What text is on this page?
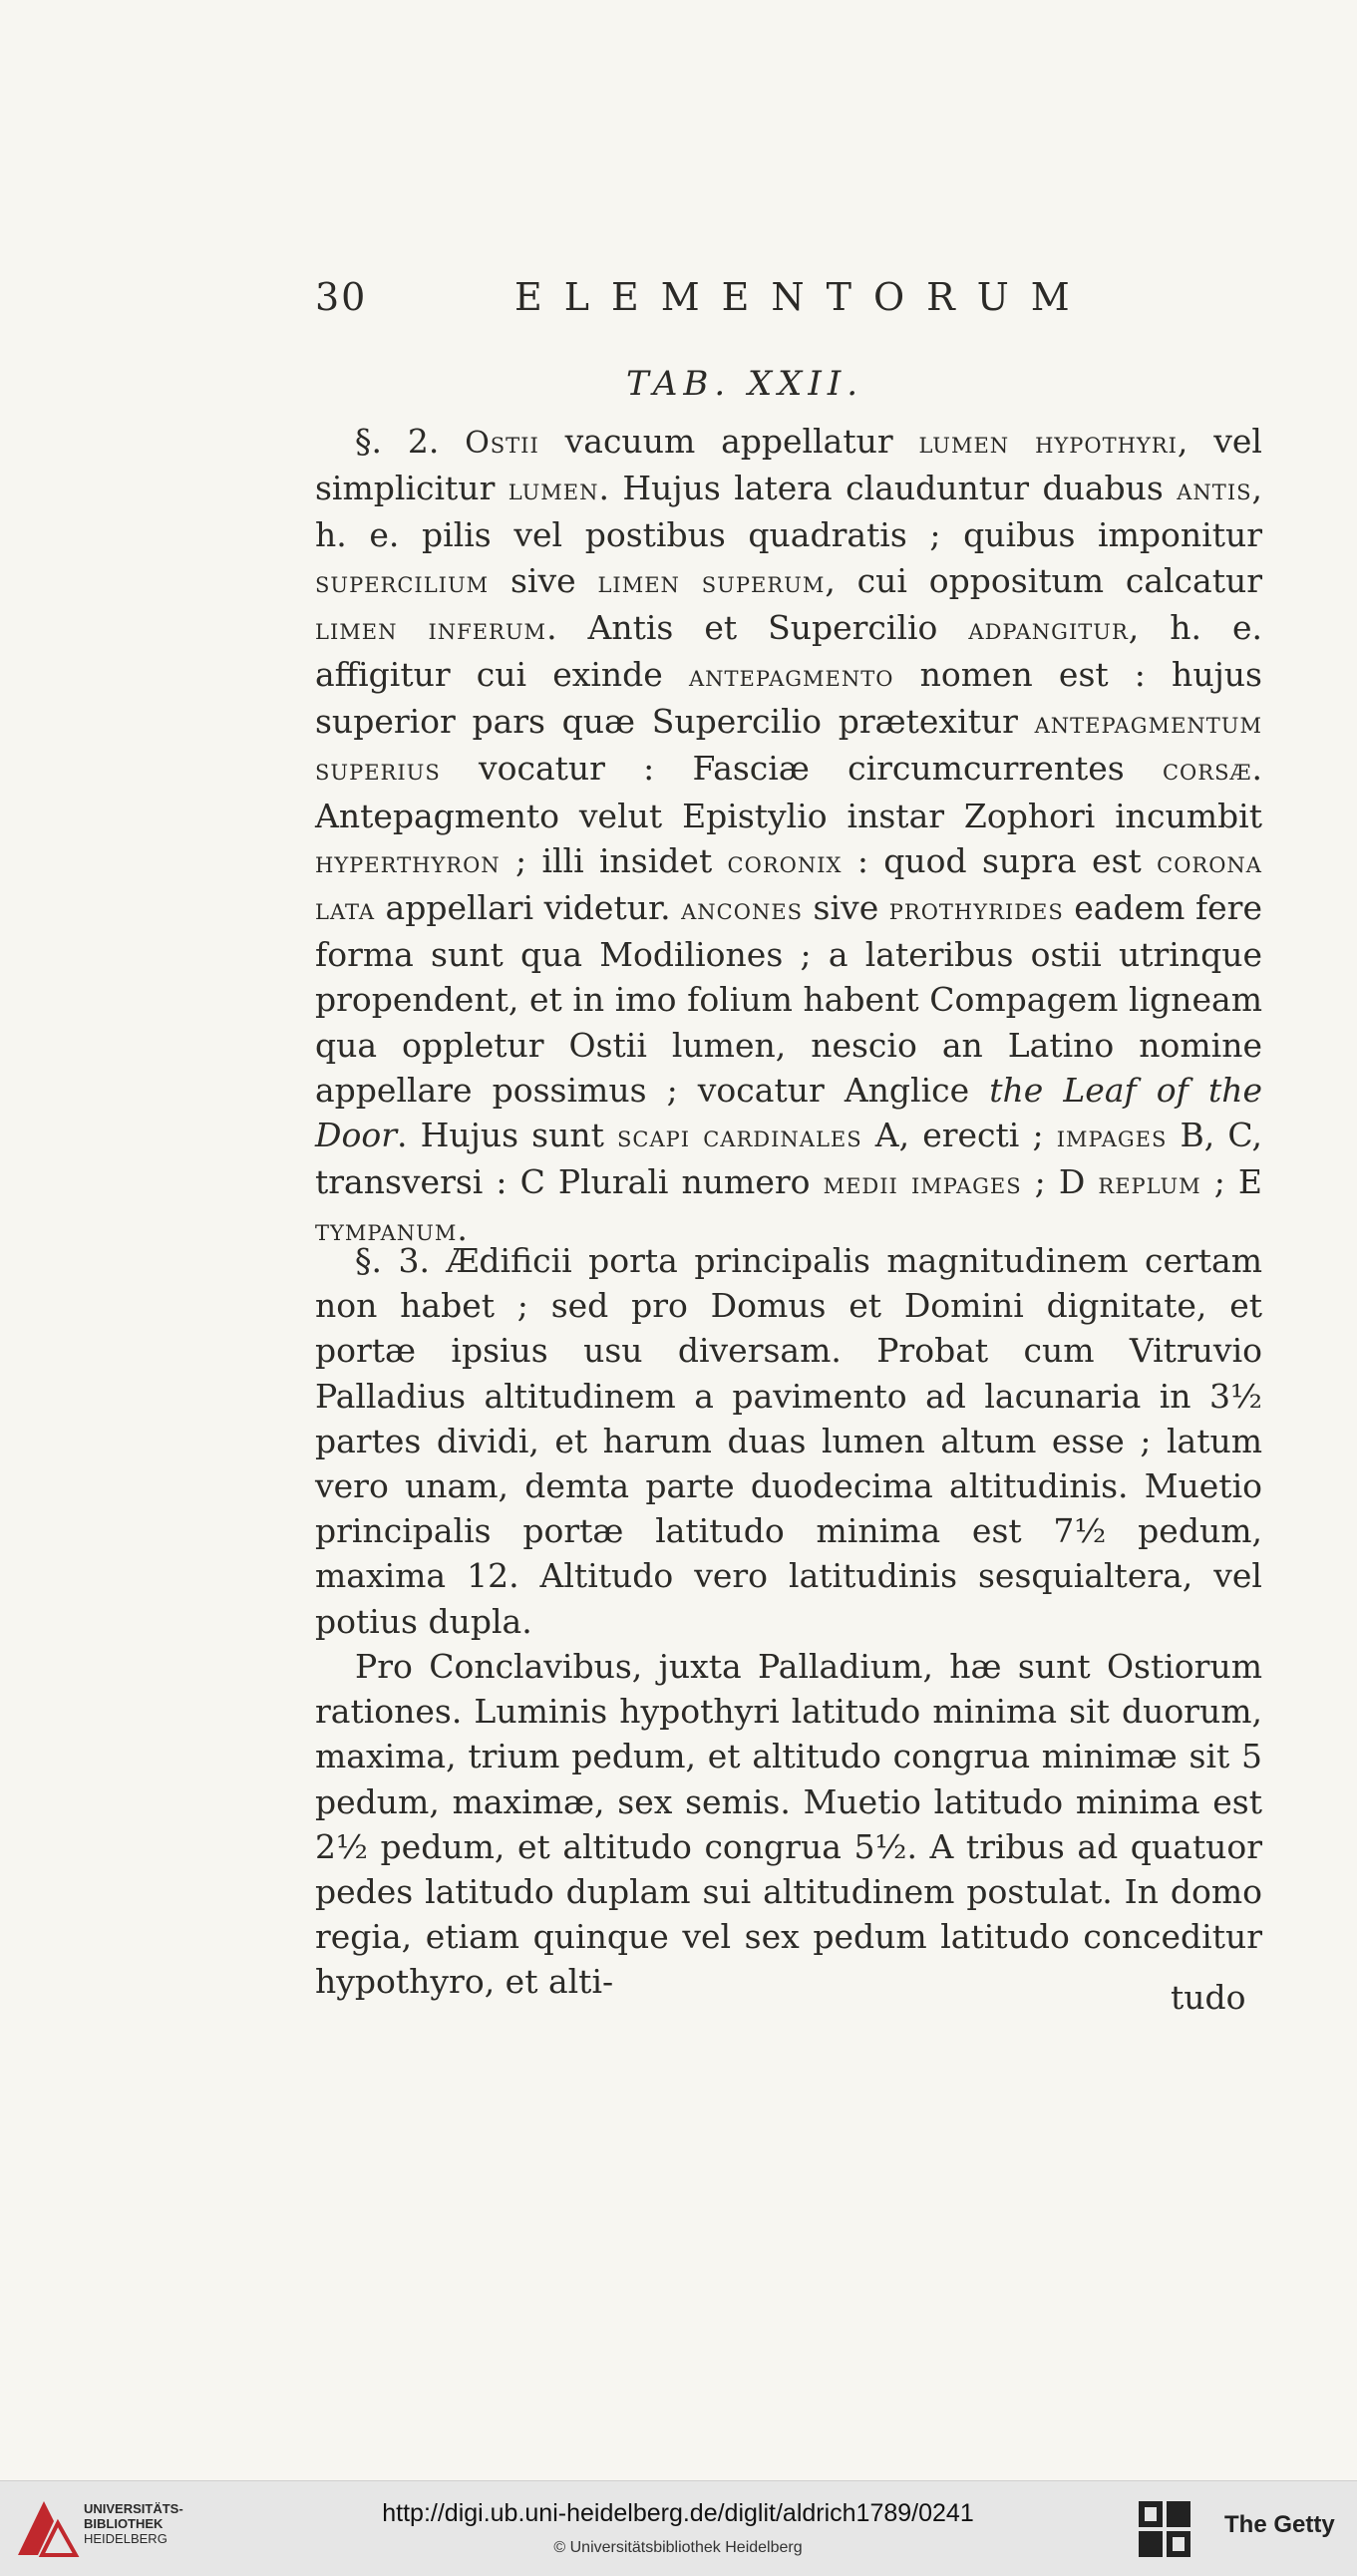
30	ELEMENTORUM
TAB. XXII.

§. 2. Ostii vacuum appellatur lumen hypothyri, vel simplicitur lumen. Hujus latera clauduntur duabus antis, h. e. pilis vel postibus quadratis ; quibus imponitur supercilium sive limen superum, cui oppositum calcatur limen inferum. Antis et Supercilio adpangitur, h. e. affigitur cui exinde antepagmento nomen est : hujus superior pars quæ Supercilio prætexitur antepagmentum superius vocatur : Fasciæ circumcurrentes corsæ. Antepagmento velut Epistylio instar Zophori incumbit hyperthyron ; illi insidet coronix : quod supra est corona lata appellari videtur. ancones sive prothyrides eadem fere forma sunt qua Modiliones ; a lateribus ostii utrinque propendent, et in imo folium habent Compagem ligneam qua oppletur Ostii lumen, nescio an Latino nomine appellare possimus ; vocatur Anglice the Leaf of the Door. Hujus sunt scapi cardinales A, erecti ; impages B, C, transversi : C Plurali numero medii impages ; D replum ; E tympanum.

§. 3. Ædificii porta principalis magnitudinem certam non habet ; sed pro Domus et Domini dignitate, et portæ ipsius usu diversam. Probat cum Vitruvio Palladius altitudinem a pavimento ad lacunaria in 3½ partes dividi, et harum duas lumen altum esse ; latum vero unam, demta parte duodecima altitudinis. Muetio principalis portæ latitudo minima est 7½ pedum, maxima 12. Altitudo vero latitudinis sesquialtera, vel potius dupla.

Pro Conclavibus, juxta Palladium, hæ sunt Ostiorum rationes. Luminis hypothyri latitudo minima sit duorum, maxima, trium pedum, et altitudo congrua minimæ sit 5 pedum, maximæ, sex semis. Muetio latitudo minima est 2½ pedum, et altitudo congrua 5½. A tribus ad quatuor pedes latitudo duplam sui altitudinem postulat. In domo regia, etiam quinque vel sex pedum latitudo conceditur hypothyro, et alti-	tudo
UNIVERSITÄTS-
BIBLIOTHEK
HEIDELBERG
http://digi.ub.uni-heidelberg.de/diglit/aldrich1789/0241
© Universitätsbibliothek Heidelberg
The Getty
